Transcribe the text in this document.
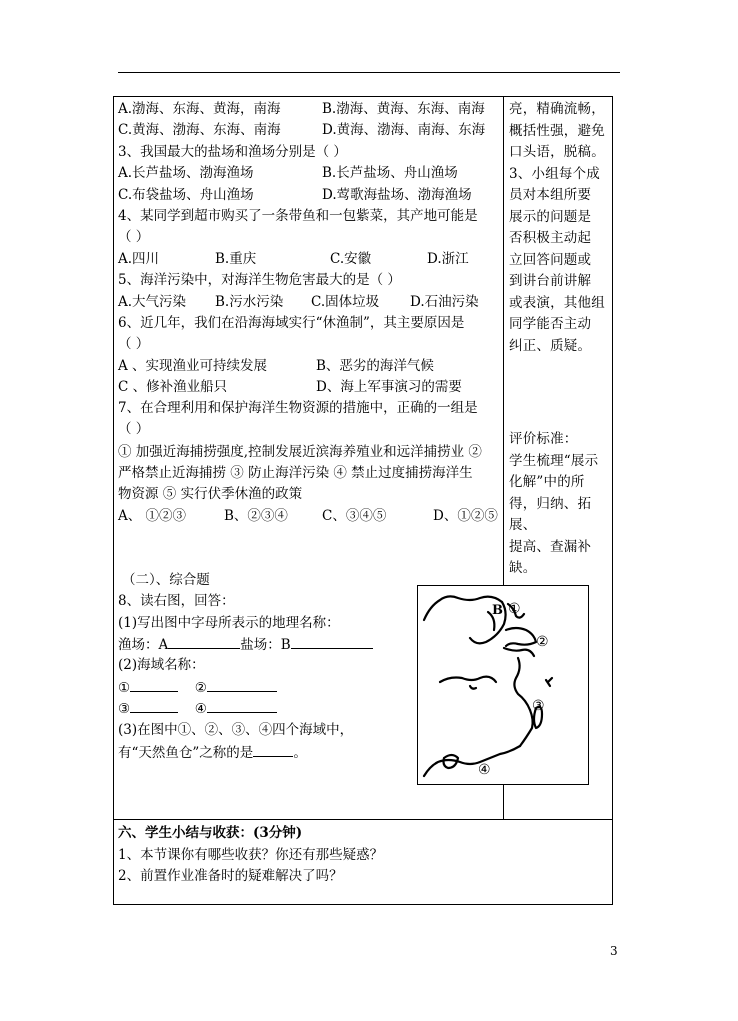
A.渤海、东海、黄海，南海	B.渤海、黄海、东海、南海
C.黄海、渤海、东海、南海	D.黄海、渤海、南海、东海
3、我国最大的盐场和渔场分别是（ ）
A.长芦盐场、渤海渔场	B.长芦盐场、舟山渔场
C.布袋盐场、舟山渔场	D.莺歌海盐场、渤海渔场
4、某同学到超市购买了一条带鱼和一包紫菜，其产地可能是
（ ）
A.四川	B.重庆	C.安徽	D.浙江
5、海洋污染中，对海洋生物危害最大的是（ ）
A.大气污染 B.污水污染 C.固体垃圾 D.石油污染
6、近几年，我们在沿海海域实行“休渔制”，其主要原因是
（ ）
A 、实现渔业可持续发展	B、恶劣的海洋气候
C 、修补渔业船只	D、海上军事演习的需要
7、在合理利用和保护海洋生物资源的措施中，正确的一组是
（ ）
① 加强近海捕捞强度,控制发展近滨海养殖业和远洋捕捞业 ②
严格禁止近海捕捞 ③ 防止海洋污染 ④ 禁止过度捕捞海洋生
物资源 ⑤ 实行伏季休渔的政策
A、 ①②③	B、②③④	C、③④⑤	D、①②⑤
（二）、综合题
8、读右图，回答：
(1)写出图中字母所表示的地理名称：
渔场：A	盐场：B
(2)海域名称：
①	②
③	④
(3)在图中①、②、③、④四个海域中，
有“天然鱼仓”之称的是	。
B ①
②
③
④
亮，精确流畅，
概括性强，避免
口头语，脱稿。
3、小组每个成
员对本组所要
展示的问题是
否积极主动起
立回答问题或
到讲台前讲解
或表演，其他组
同学能否主动
纠正、质疑。
评价标准：
学生梳理“展示
化解”中的所
得，归纳、拓展、
提高、查漏补缺。
六、学生小结与收获：(3分钟)
1、本节课你有哪些收获？你还有那些疑惑？
2、前置作业准备时的疑难解决了吗？
3
